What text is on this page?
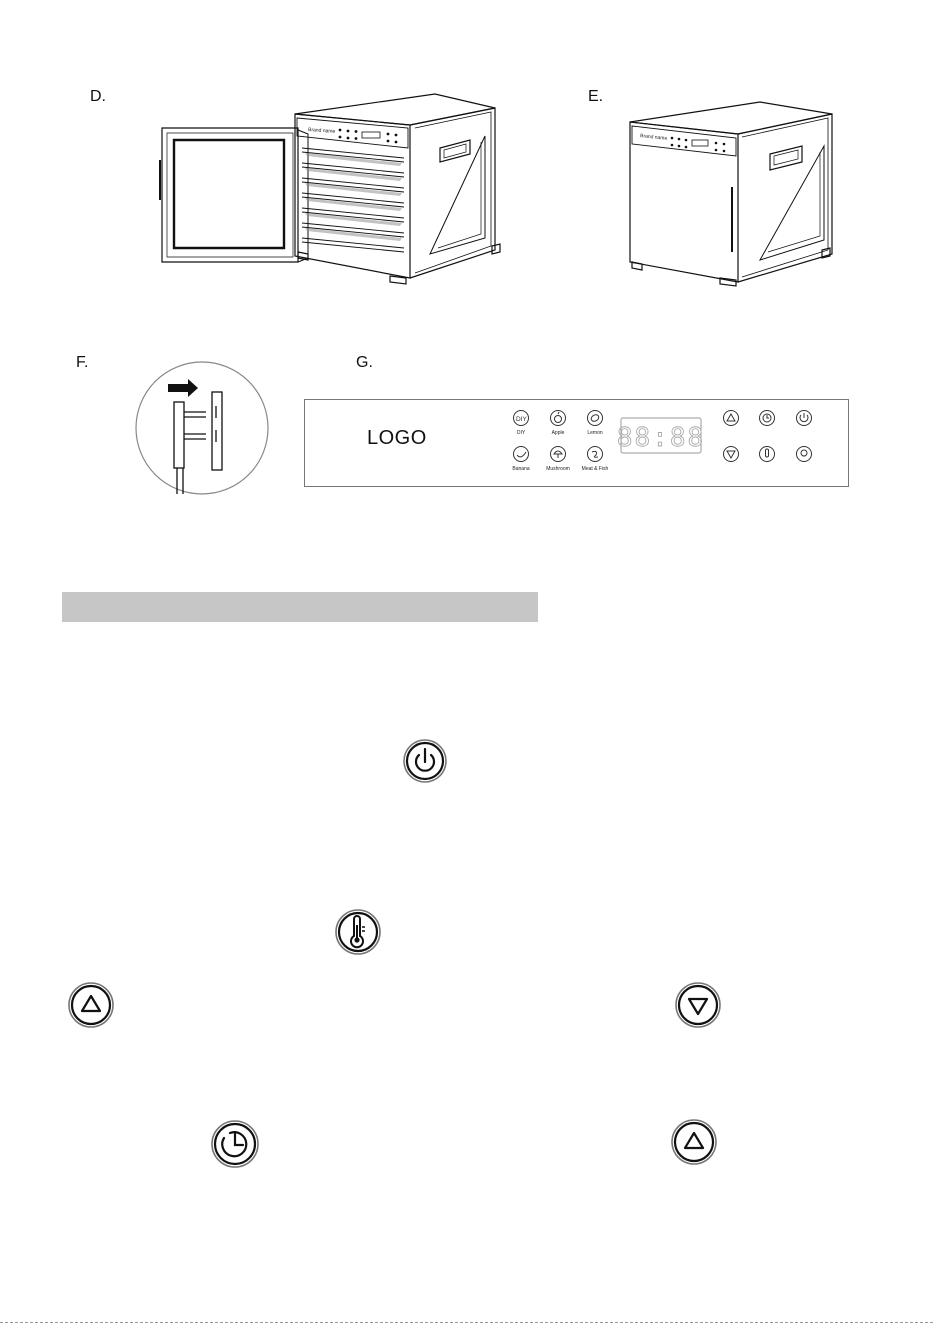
D.	E.
F.	G.
Brand name
Brand name
LOGO
DIY
DIY	Apple	Lemon
Banana	Mushroom Meat & Fish
88:88
